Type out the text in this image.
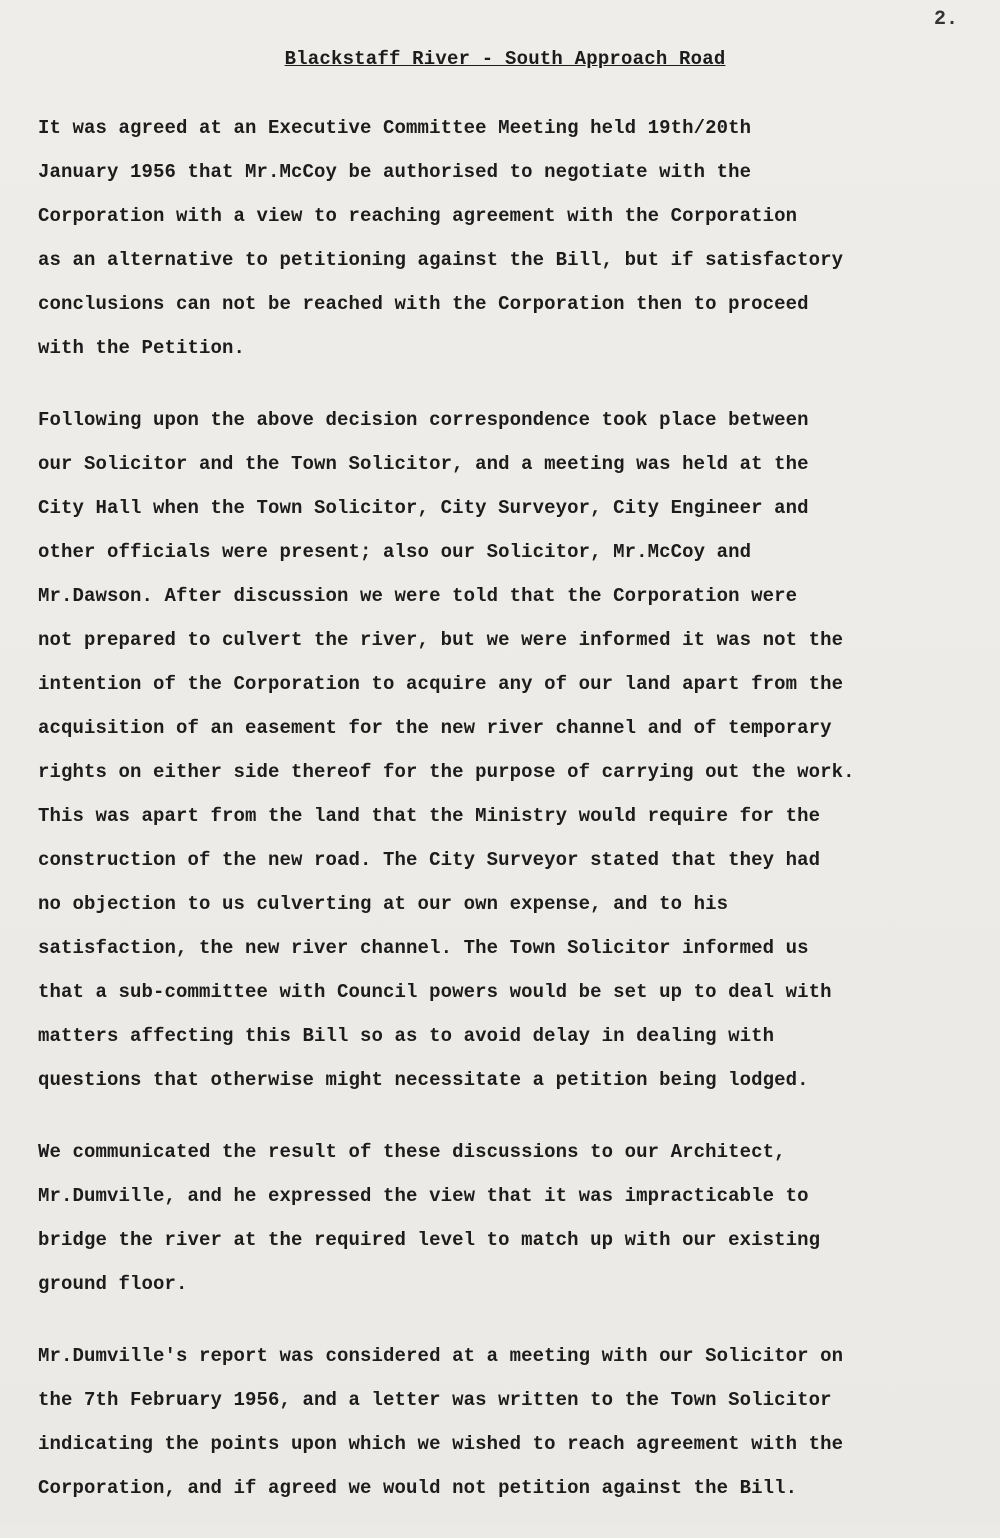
2.
Blackstaff River - South Approach Road
It was agreed at an Executive Committee Meeting held 19th/20th
January 1956 that Mr.McCoy be authorised to negotiate with the
Corporation with a view to reaching agreement with the Corporation
as an alternative to petitioning against the Bill, but if satisfactory
conclusions can not be reached with the Corporation then to proceed
with the Petition.
Following upon the above decision correspondence took place between
our Solicitor and the Town Solicitor, and a meeting was held at the
City Hall when the Town Solicitor, City Surveyor, City Engineer and
other officials were present; also our Solicitor, Mr.McCoy and
Mr.Dawson. After discussion we were told that the Corporation were
not prepared to culvert the river, but we were informed it was not the
intention of the Corporation to acquire any of our land apart from the
acquisition of an easement for the new river channel and of temporary
rights on either side thereof for the purpose of carrying out the work.
This was apart from the land that the Ministry would require for the
construction of the new road. The City Surveyor stated that they had
no objection to us culverting at our own expense, and to his
satisfaction, the new river channel. The Town Solicitor informed us
that a sub-committee with Council powers would be set up to deal with
matters affecting this Bill so as to avoid delay in dealing with
questions that otherwise might necessitate a petition being lodged.
We communicated the result of these discussions to our Architect,
Mr.Dumville, and he expressed the view that it was impracticable to
bridge the river at the required level to match up with our existing
ground floor.
Mr.Dumville's report was considered at a meeting with our Solicitor on
the 7th February 1956, and a letter was written to the Town Solicitor
indicating the points upon which we wished to reach agreement with the
Corporation, and if agreed we would not petition against the Bill.
